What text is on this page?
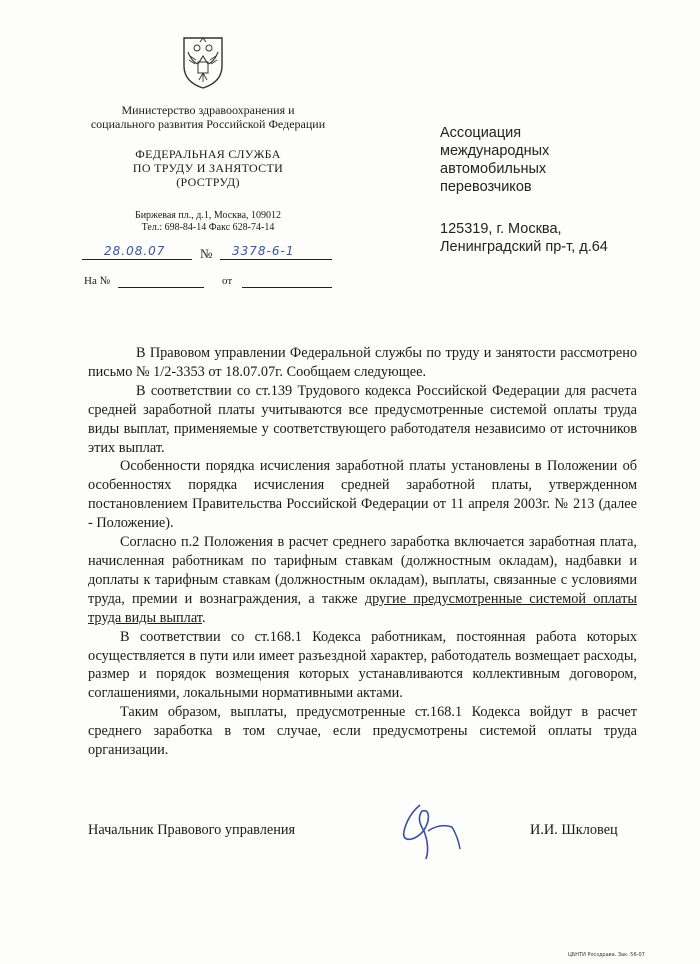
Министерство здравоохранения и
социального развития Российской Федерации
ФЕДЕРАЛЬНАЯ СЛУЖБА
ПО ТРУДУ И ЗАНЯТОСТИ
(РОСТРУД)
Биржевая пл., д.1, Москва, 109012
Тел.: 698-84-14 Факс 628-74-14
28.08.07	№ 3378-6-1
На №	от
Ассоциация
международных
автомобильных
перевозчиков
125319, г. Москва,
Ленинградский пр-т, д.64

В Правовом управлении Федеральной службы по труду и занятости рассмотрено письмо № 1/2-3353 от 18.07.07г. Сообщаем следующее.

В соответствии со ст.139 Трудового кодекса Российской Федерации для расчета средней заработной платы учитываются все предусмотренные системой оплаты труда виды выплат, применяемые у соответствующего работодателя независимо от источников этих выплат.

Особенности порядка исчисления заработной платы установлены в Положении об особенностях порядка исчисления средней заработной платы, утвержденном постановлением Правительства Российской Федерации от 11 апреля 2003г. № 213 (далее - Положение).

Согласно п.2 Положения в расчет среднего заработка включается заработная плата, начисленная работникам по тарифным ставкам (должностным окладам), надбавки и доплаты к тарифным ставкам (должностным окладам), выплаты, связанные с условиями труда, премии и вознаграждения, а также другие предусмотренные системой оплаты труда виды выплат.

В соответствии со ст.168.1 Кодекса работникам, постоянная работа которых осуществляется в пути или имеет разъездной характер, работодатель возмещает расходы, размер и порядок возмещения которых устанавливаются коллективным договором, соглашениями, локальными нормативными актами.

Таким образом, выплаты, предусмотренные ст.168.1 Кодекса войдут в расчет среднего заработка в том случае, если предусмотрены системой оплаты труда организации.

Начальник Правового управления	И.И. Шкловец
ЦБНТИ Росздрава. Зак. 56-07
